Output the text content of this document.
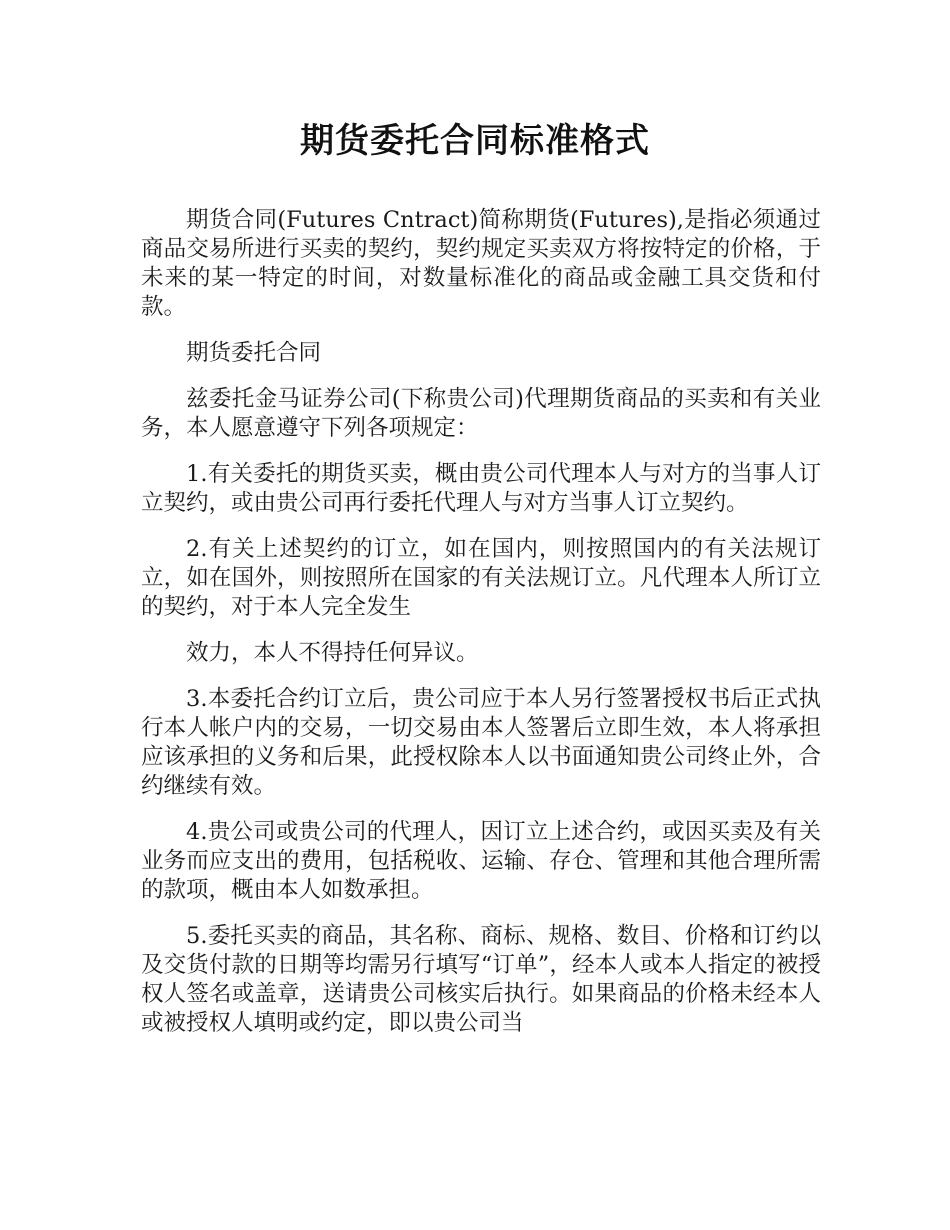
期货委托合同标准格式

期货合同(Futures Cntract)简称期货(Futures),是指必须通过商品交易所进行买卖的契约，契约规定买卖双方将按特定的价格，于未来的某一特定的时间，对数量标准化的商品或金融工具交货和付款。

期货委托合同

兹委托金马证券公司(下称贵公司)代理期货商品的买卖和有关业务，本人愿意遵守下列各项规定：

1.有关委托的期货买卖，概由贵公司代理本人与对方的当事人订立契约，或由贵公司再行委托代理人与对方当事人订立契约。

2.有关上述契约的订立，如在国内，则按照国内的有关法规订立，如在国外，则按照所在国家的有关法规订立。凡代理本人所订立的契约，对于本人完全发生

效力，本人不得持任何异议。

3.本委托合约订立后，贵公司应于本人另行签署授权书后正式执行本人帐户内的交易，一切交易由本人签署后立即生效，本人将承担应该承担的义务和后果，此授权除本人以书面通知贵公司终止外，合约继续有效。

4.贵公司或贵公司的代理人，因订立上述合约，或因买卖及有关业务而应支出的费用，包括税收、运输、存仓、管理和其他合理所需的款项，概由本人如数承担。

5.委托买卖的商品，其名称、商标、规格、数目、价格和订约以及交货付款的日期等均需另行填写“订单”，经本人或本人指定的被授权人签名或盖章，送请贵公司核实后执行。如果商品的价格未经本人或被授权人填明或约定，即以贵公司当
